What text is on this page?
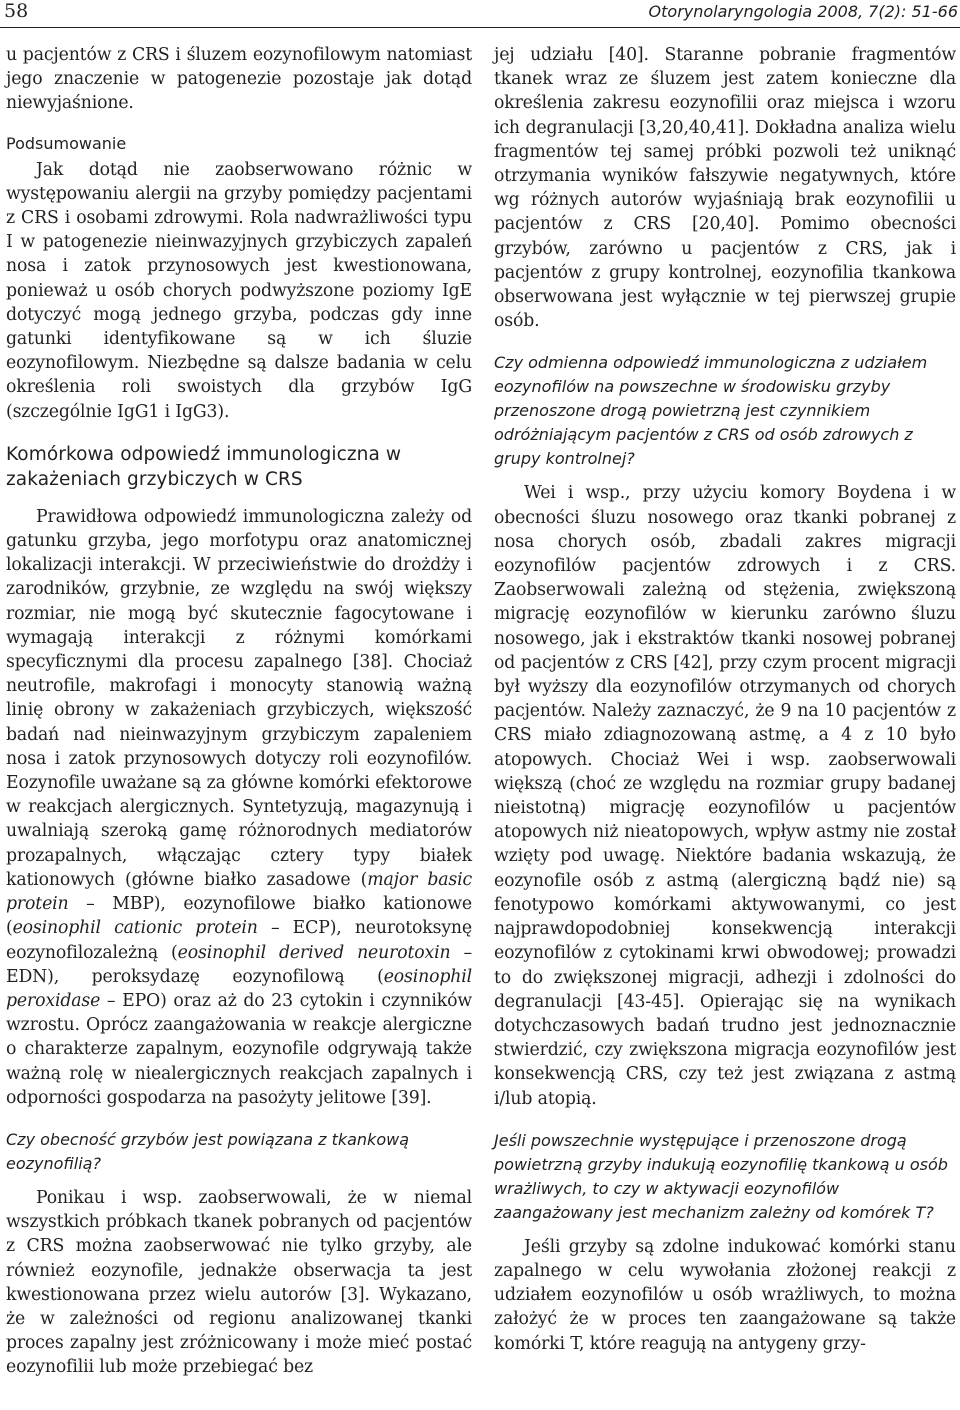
58	Otorynolaryngologia 2008, 7(2): 51-66

u pacjentów z CRS i śluzem eozynofilowym natomiast jego znaczenie w patogenezie pozostaje jak dotąd niewyjaśnione.

Podsumowanie

Jak dotąd nie zaobserwowano różnic w występowaniu alergii na grzyby pomiędzy pacjentami z CRS i osobami zdrowymi. Rola nadwrażliwości typu I w patogenezie nieinwazyjnych grzybiczych zapaleń nosa i zatok przynosowych jest kwestionowana, ponieważ u osób chorych podwyższone poziomy IgE dotyczyć mogą jednego grzyba, podczas gdy inne gatunki identyfikowane są w ich śluzie eozynofilowym. Niezbędne są dalsze badania w celu określenia roli swoistych dla grzybów IgG (szczególnie IgG1 i IgG3).

Komórkowa odpowiedź immunologiczna w zakażeniach grzybiczych w CRS

Prawidłowa odpowiedź immunologiczna zależy od gatunku grzyba, jego morfotypu oraz anatomicznej lokalizacji interakcji. W przeciwieństwie do drożdży i zarodników, grzybnie, ze względu na swój większy rozmiar, nie mogą być skutecznie fagocytowane i wymagają interakcji z różnymi komórkami specyficznymi dla procesu zapalnego [38]. Chociaż neutrofile, makrofagi i monocyty stanowią ważną linię obrony w zakażeniach grzybiczych, większość badań nad nieinwazyjnym grzybiczym zapaleniem nosa i zatok przynosowych dotyczy roli eozynofilów. Eozynofile uważane są za główne komórki efektorowe w reakcjach alergicznych. Syntetyzują, magazynują i uwalniają szeroką gamę różnorodnych mediatorów prozapalnych, włączając cztery typy białek kationowych (główne białko zasadowe (major basic protein – MBP), eozynofilowe białko kationowe (eosinophil cationic protein – ECP), neurotoksynę eozynofilozależną (eosinophil derived neurotoxin – EDN), peroksydazę eozynofilową (eosinophil peroxidase – EPO) oraz aż do 23 cytokin i czynników wzrostu. Oprócz zaangażowania w reakcje alergiczne o charakterze zapalnym, eozynofile odgrywają także ważną rolę w niealergicznych reakcjach zapalnych i odporności gospodarza na pasożyty jelitowe [39].

Czy obecność grzybów jest powiązana z tkankową eozynofilią?

Ponikau i wsp. zaobserwowali, że w niemal wszystkich próbkach tkanek pobranych od pacjentów z CRS można zaobserwować nie tylko grzyby, ale również eozynofile, jednakże obserwacja ta jest kwestionowana przez wielu autorów [3]. Wykazano, że w zależności od regionu analizowanej tkanki proces zapalny jest zróżnicowany i może mieć postać eozynofilii lub może przebiegać bez

jej udziału [40]. Staranne pobranie fragmentów tkanek wraz ze śluzem jest zatem konieczne dla określenia zakresu eozynofilii oraz miejsca i wzoru ich degranulacji [3,20,40,41]. Dokładna analiza wielu fragmentów tej samej próbki pozwoli też uniknąć otrzymania wyników fałszywie negatywnych, które wg różnych autorów wyjaśniają brak eozynofilii u pacjentów z CRS [20,40]. Pomimo obecności grzybów, zarówno u pacjentów z CRS, jak i pacjentów z grupy kontrolnej, eozynofilia tkankowa obserwowana jest wyłącznie w tej pierwszej grupie osób.

Czy odmienna odpowiedź immunologiczna z udziałem eozynofilów na powszechne w środowisku grzyby przenoszone drogą powietrzną jest czynnikiem odróżniającym pacjentów z CRS od osób zdrowych z grupy kontrolnej?

Wei i wsp., przy użyciu komory Boydena i w obecności śluzu nosowego oraz tkanki pobranej z nosa chorych osób, zbadali zakres migracji eozynofilów pacjentów zdrowych i z CRS. Zaobserwowali zależną od stężenia, zwiększoną migrację eozynofilów w kierunku zarówno śluzu nosowego, jak i ekstraktów tkanki nosowej pobranej od pacjentów z CRS [42], przy czym procent migracji był wyższy dla eozynofilów otrzymanych od chorych pacjentów. Należy zaznaczyć, że 9 na 10 pacjentów z CRS miało zdiagnozowaną astmę, a 4 z 10 było atopowych. Chociaż Wei i wsp. zaobserwowali większą (choć ze względu na rozmiar grupy badanej nieistotną) migrację eozynofilów u pacjentów atopowych niż nieatopowych, wpływ astmy nie został wzięty pod uwagę. Niektóre badania wskazują, że eozynofile osób z astmą (alergiczną bądź nie) są fenotypowo komórkami aktywowanymi, co jest najprawdopodobniej konsekwencją interakcji eozynofilów z cytokinami krwi obwodowej; prowadzi to do zwiększonej migracji, adhezji i zdolności do degranulacji [43-45]. Opierając się na wynikach dotychczasowych badań trudno jest jednoznacznie stwierdzić, czy zwiększona migracja eozynofilów jest konsekwencją CRS, czy też jest związana z astmą i/lub atopią.

Jeśli powszechnie występujące i przenoszone drogą powietrzną grzyby indukują eozynofilię tkankową u osób wrażliwych, to czy w aktywacji eozynofilów zaangażowany jest mechanizm zależny od komórek T?

Jeśli grzyby są zdolne indukować komórki stanu zapalnego w celu wywołania złożonej reakcji z udziałem eozynofilów u osób wrażliwych, to można założyć że w proces ten zaangażowane są także komórki T, które reagują na antygeny grzy-
